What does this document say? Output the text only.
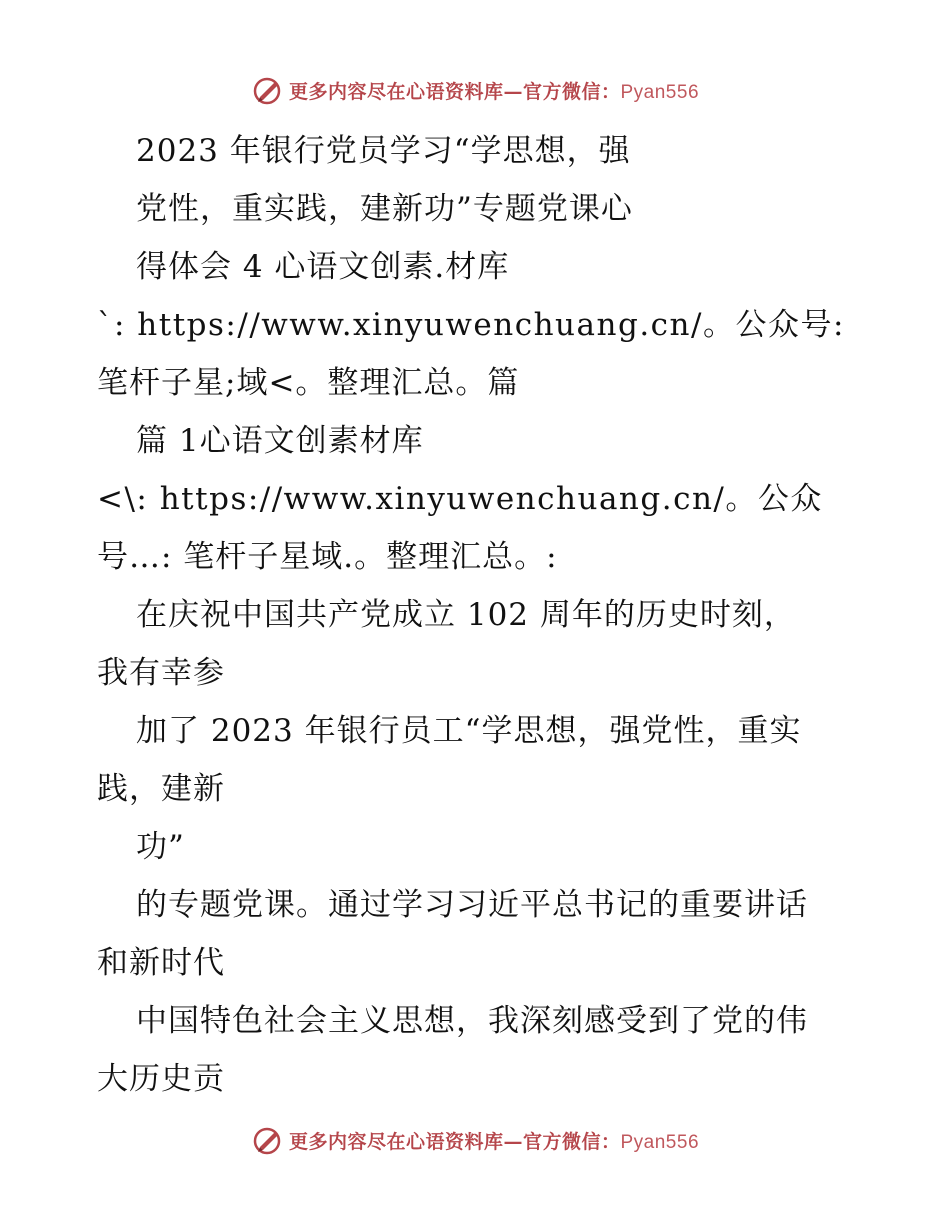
更多内容尽在心语资料库—官方微信：Pyan556
2023 年银行党员学习“学思想，强
党性，重实践，建新功”专题党课心
得体会 4 心语文创素.材库
`: https://www.xinyuwenchuang.cn/。公众号:
笔杆子星;域<。整理汇总。篇
篇 1心语文创素材库
<\: https://www.xinyuwenchuang.cn/。公众
号…: 笔杆子星域.。整理汇总。:
在庆祝中国共产党成立 102 周年的历史时刻，
我有幸参
加了 2023 年银行员工“学思想，强党性，重实
践，建新
功”
的专题党课。通过学习习近平总书记的重要讲话
和新时代
中国特色社会主义思想，我深刻感受到了党的伟
大历史贡
更多内容尽在心语资料库—官方微信：Pyan556
